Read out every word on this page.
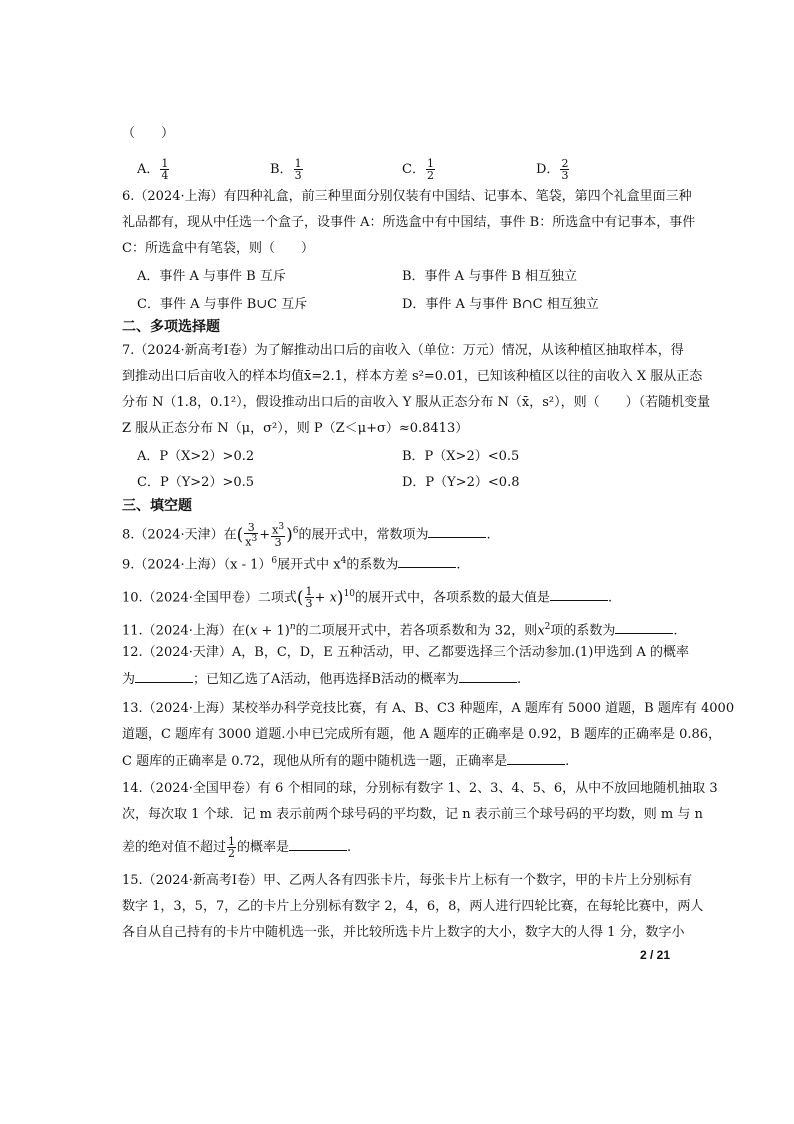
（　　）
A． $\frac{1}{4}$	B． $\frac{1}{3}$	C． $\frac{1}{2}$	D． $\frac{2}{3}$
6.（2024·上海）有四种礼盒，前三种里面分别仅装有中国结、记事本、笔袋，第四个礼盒里面三种
礼品都有，现从中任选一个盒子，设事件 A：所选盒中有中国结，事件 B：所选盒中有记事本，事件
C：所选盒中有笔袋，则（　　）
A．事件 A 与事件 B 互斥	B．事件 A 与事件 B 相互独立
C．事件 A 与事件 B∪C 互斥	D．事件 A 与事件 B∩C 相互独立
二、多项选择题
7.（2024·新高考Ⅰ卷）为了解推动出口后的亩收入（单位：万元）情况，从该种植区抽取样本，得
到推动出口后亩收入的样本均值x̄=2.1，样本方差 s²=0.01，已知该种植区以往的亩收入 X 服从正态
分布 N（1.8，0.1²），假设推动出口后的亩收入 Y 服从正态分布 N（x̄，s²），则（　　）（若随机变量
Z 服从正态分布 N（μ，σ²），则 P（Z＜μ+σ）≈0.8413）
A．P（X>2）>0.2	B．P（X>2）<0.5
C．P（Y>2）>0.5	D．P（Y>2）<0.8
三、填空题
8.（2024·天津）在( $\frac{3}{x^3} + \frac{x^3}{3} )^6$的展开式中，常数项为	.
9.（2024·上海）（x - 1）$^6$展开式中 $x^4$的系数为	.
10.（2024·全国甲卷）二项式( $\frac{1}{3} + x)^{10}$的展开式中，各项系数的最大值是	.
11.（2024·上海）在$(x + 1)^n$的二项展开式中，若各项系数和为 32，则$x^2$项的系数为	.
12.（2024·天津）A，B，C，D，E 五种活动，甲、乙都要选择三个活动参加.(1)甲选到 A 的概率
为	；已知乙选了A活动，他再选择B活动的概率为	.
13.（2024·上海）某校举办科学竞技比赛，有 A、B、C3 种题库，A 题库有 5000 道题，B 题库有 4000
道题，C 题库有 3000 道题.小申已完成所有题，他 A 题库的正确率是 0.92，B 题库的正确率是 0.86，
C 题库的正确率是 0.72，现他从所有的题中随机选一题，正确率是	.
14.（2024·全国甲卷）有 6 个相同的球，分别标有数字 1、2、3、4、5、6，从中不放回地随机抽取 3
次，每次取 1 个球．记 m 表示前两个球号码的平均数，记 n 表示前三个球号码的平均数，则 m 与 n
差的绝对值不超过 $\frac{1}{2}$ 的概率是	.
15.（2024·新高考Ⅰ卷）甲、乙两人各有四张卡片，每张卡片上标有一个数字，甲的卡片上分别标有
数字 1，3，5，7，乙的卡片上分别标有数字 2，4，6，8，两人进行四轮比赛，在每轮比赛中，两人
各自从自己持有的卡片中随机选一张，并比较所选卡片上数字的大小，数字大的人得 1 分，数字小
2 / 21
